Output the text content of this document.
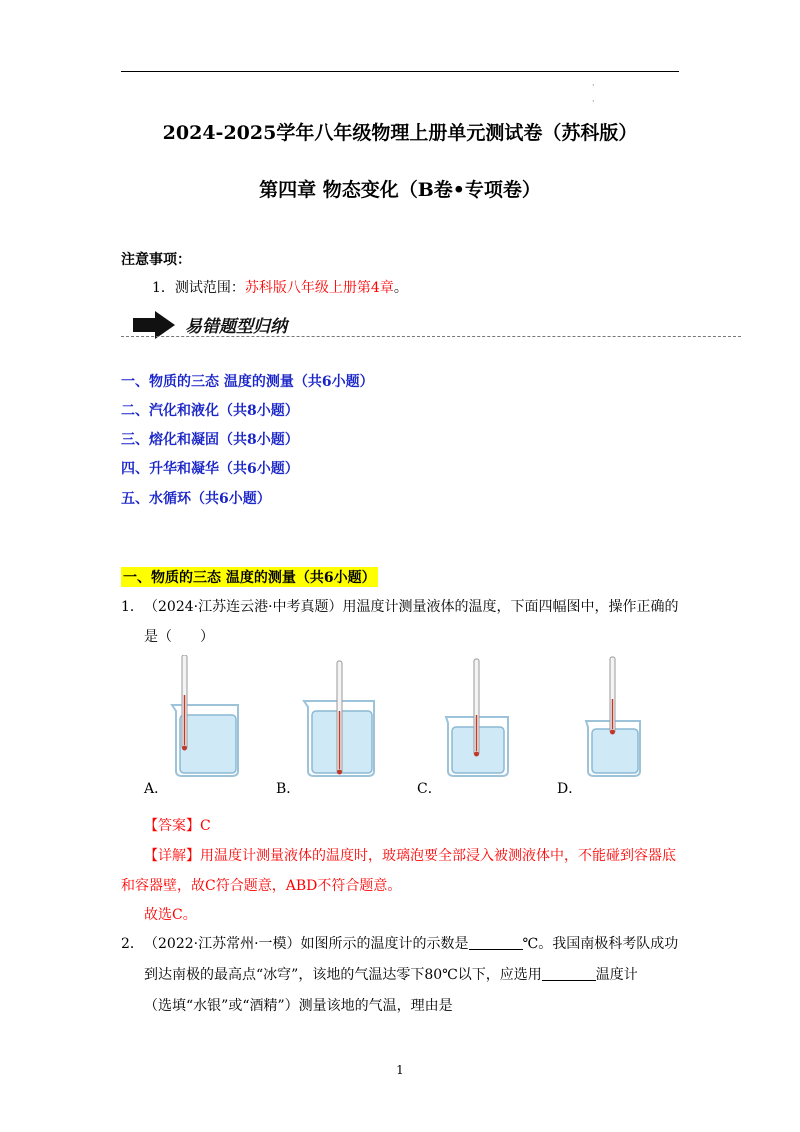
·

·
2024-2025学年八年级物理上册单元测试卷（苏科版）
第四章 物态变化（B卷•专项卷）
注意事项：
1．测试范围：苏科版八年级上册第4章。
易错题型归纳
一、物质的三态 温度的测量（共6小题）
二、汽化和液化（共8小题）
三、熔化和凝固（共8小题）
四、升华和凝华（共6小题）
五、水循环（共6小题）
一、物质的三态 温度的测量（共6小题）
1． （2024·江苏连云港·中考真题）用温度计测量液体的温度，下面四幅图中，操作正确的
是（　　）
A．	B．	C．	D．
【答案】C
【详解】用温度计测量液体的温度时，玻璃泡要全部浸入被测液体中，不能碰到容器底
和容器壁，故C符合题意，ABD不符合题意。
故选C。
2． （2022·江苏常州·一模）如图所示的温度计的示数是	℃。我国南极科考队成功
到达南极的最高点“冰穹”，该地的气温达零下80℃以下，应选用	温度计
（选填“水银”或“酒精”）测量该地的气温，理由是
1
